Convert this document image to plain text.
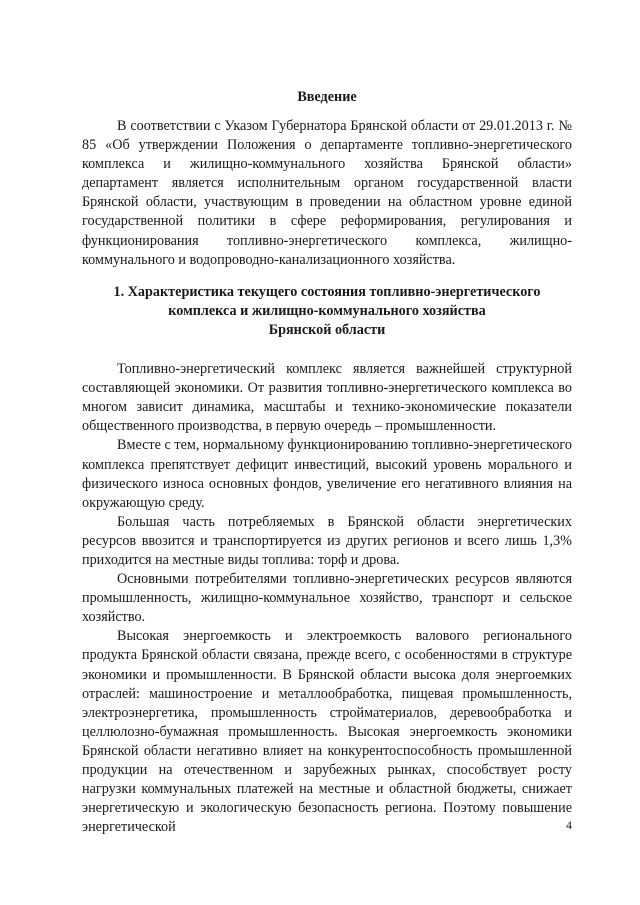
Введение

В соответствии с Указом Губернатора Брянской области от 29.01.2013 г. № 85 «Об утверждении Положения о департаменте топливно-энергетического комплекса и жилищно-коммунального хозяйства Брянской области» департамент является исполнительным органом государственной власти Брянской области, участвующим в проведении на областном уровне единой государственной политики в сфере реформирования, регулирования и функционирования топливно-энергетического комплекса, жилищно-коммунального и водопроводно-канализационного хозяйства.

1. Характеристика текущего состояния топливно-энергетического
комплекса и жилищно-коммунального хозяйства
Брянской области

Топливно-энергетический комплекс является важнейшей структурной составляющей экономики. От развития топливно-энергетического комплекса во многом зависит динамика, масштабы и технико-экономические показатели общественного производства, в первую очередь – промышленности.

Вместе с тем, нормальному функционированию топливно-энергетического комплекса препятствует дефицит инвестиций, высокий уровень морального и физического износа основных фондов, увеличение его негативного влияния на окружающую среду.

Большая часть потребляемых в Брянской области энергетических ресурсов ввозится и транспортируется из других регионов и всего лишь 1,3% приходится на местные виды топлива: торф и дрова.

Основными потребителями топливно-энергетических ресурсов являются промышленность, жилищно-коммунальное хозяйство, транспорт и сельское хозяйство.

Высокая энергоемкость и электроемкость валового регионального продукта Брянской области связана, прежде всего, с особенностями в структуре экономики и промышленности. В Брянской области высока доля энергоемких отраслей: машиностроение и металлообработка, пищевая промышленность, электроэнергетика, промышленность стройматериалов, деревообработка и целлюлозно-бумажная промышленность. Высокая энергоемкость экономики Брянской области негативно влияет на конкурентоспособность промышленной продукции на отечественном и зарубежных рынках, способствует росту нагрузки коммунальных платежей на местные и областной бюджеты, снижает энергетическую и экологическую безопасность региона. Поэтому повышение энергетической	4
